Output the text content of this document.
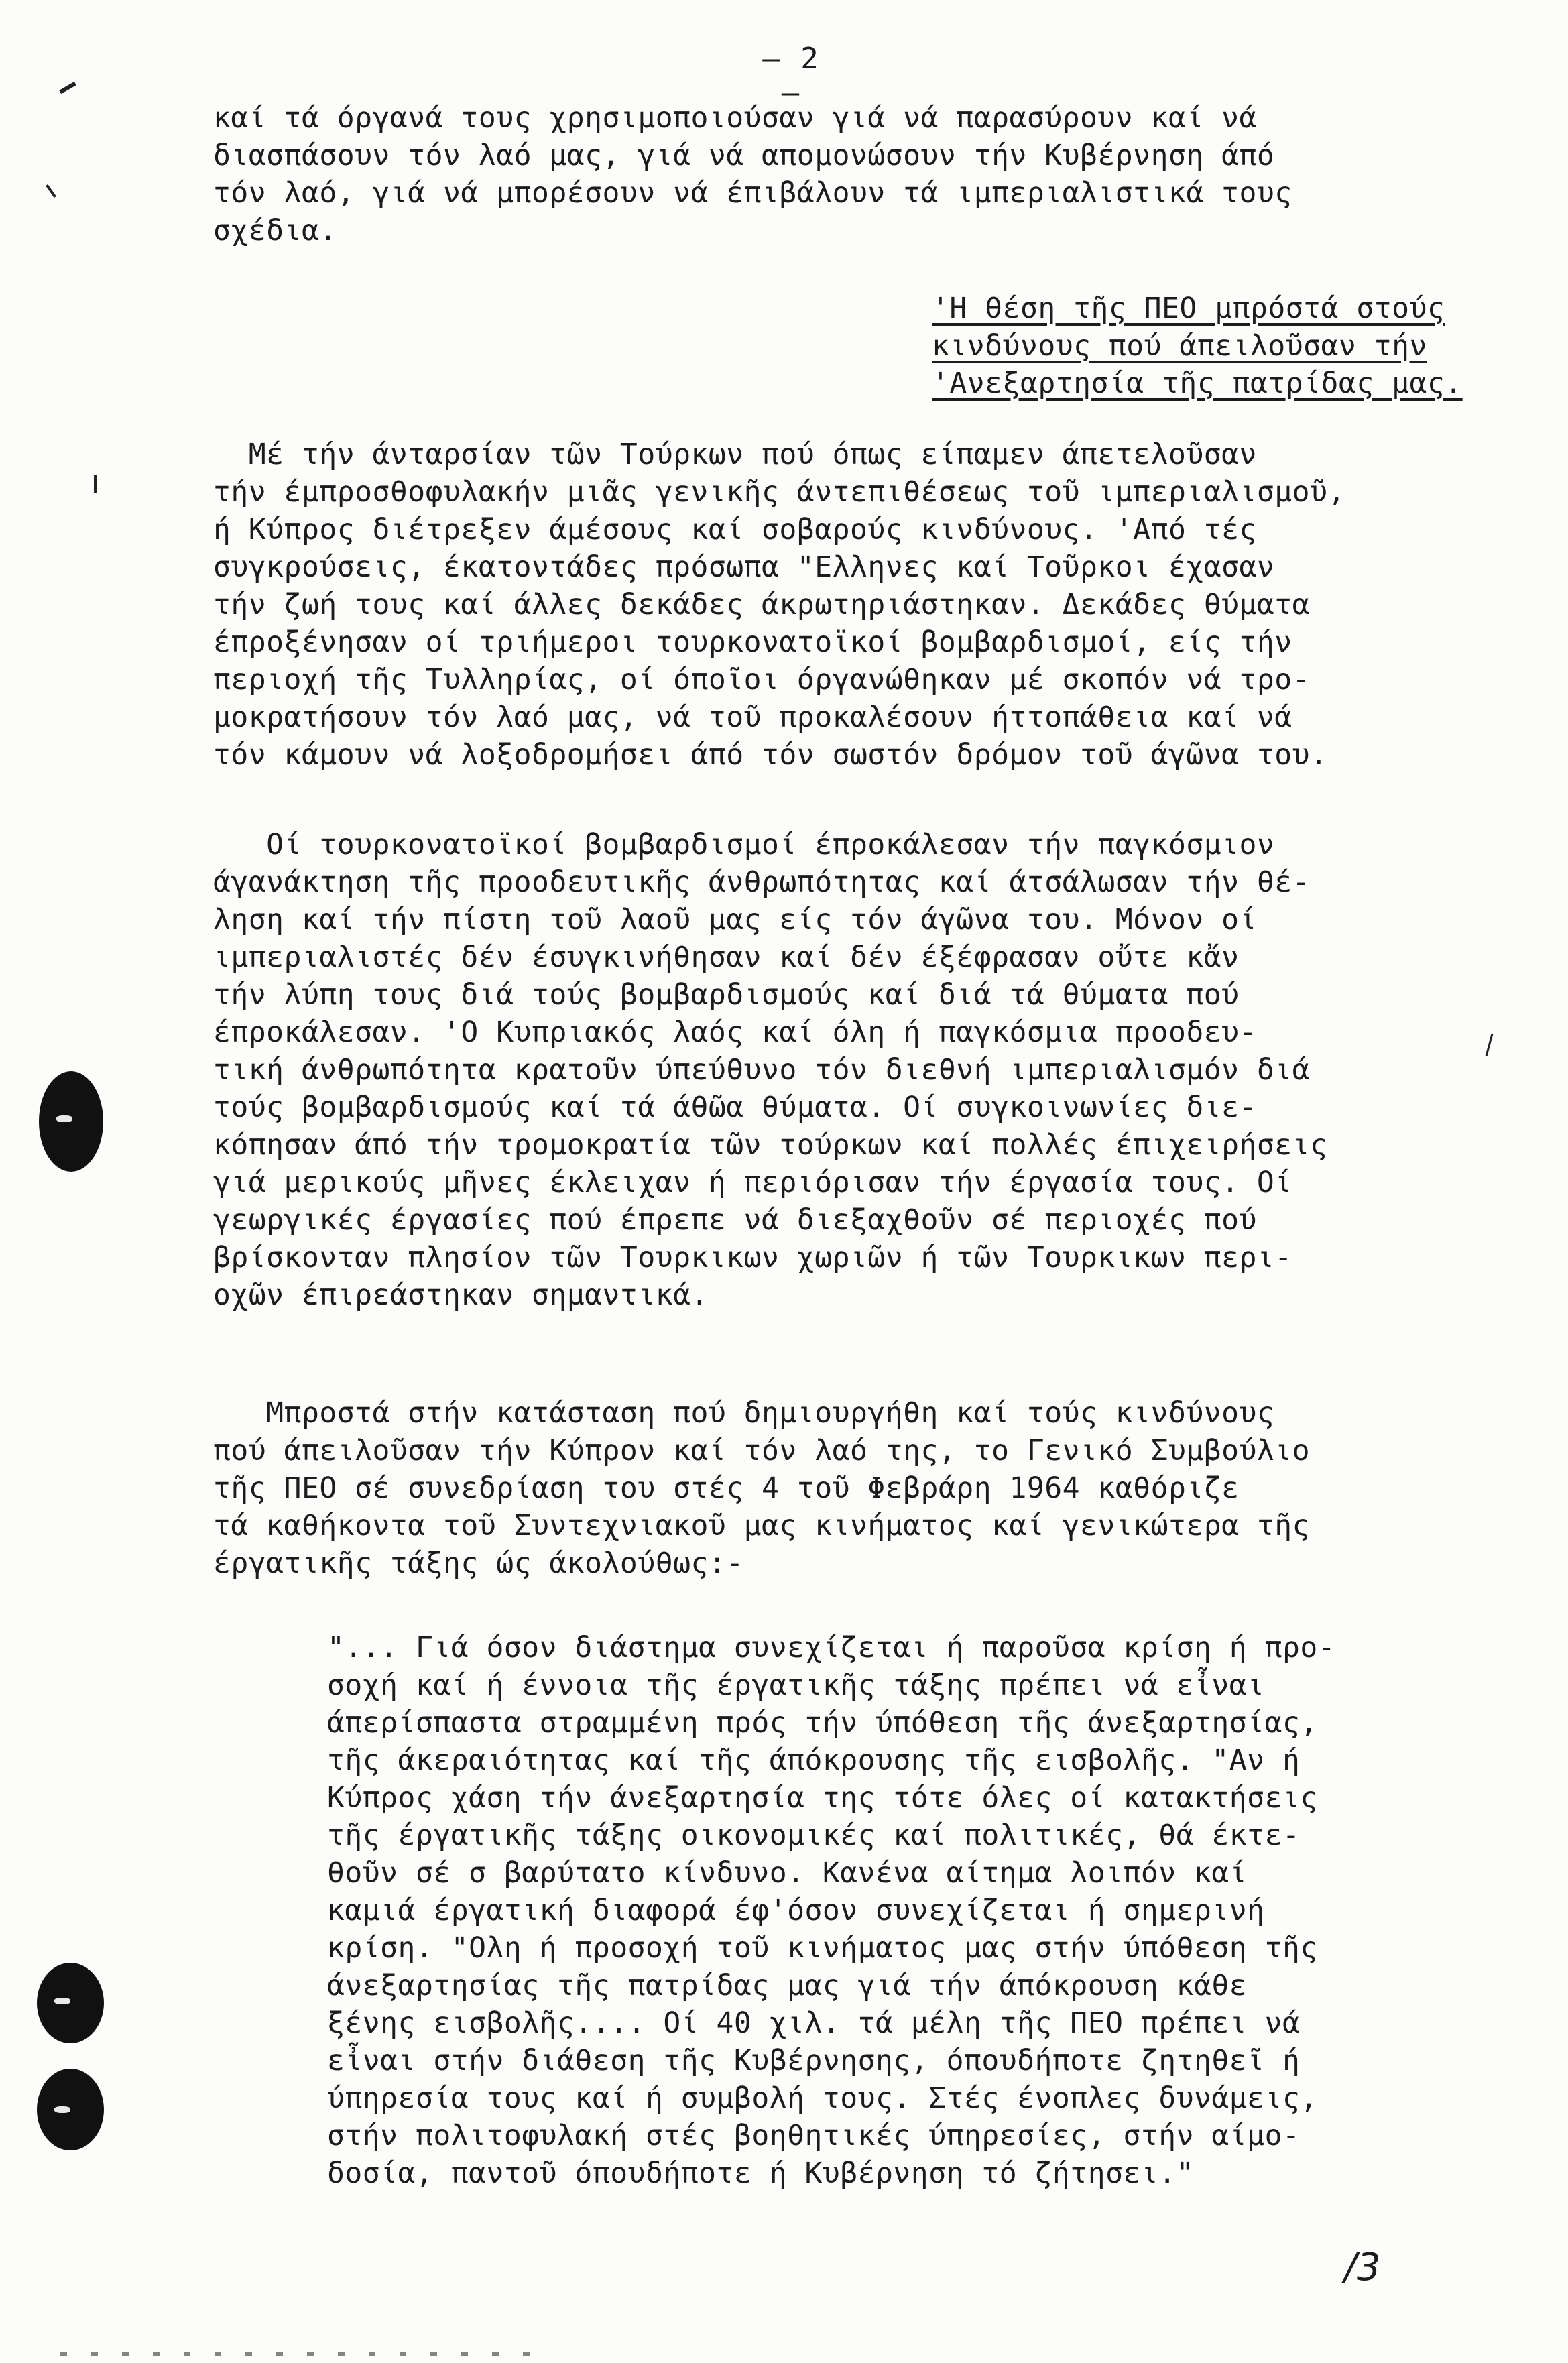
– 2 –
καί τά όργανά τους χρησιμοποιούσαν γιά νά παρασύρουν καί νά
διασπάσουν τόν λαό μας, γιά νά απομονώσουν τήν Κυβέρνηση άπό
τόν λαό, γιά νά μπορέσουν νά έπιβάλουν τά ιμπεριαλιστικά τους
σχέδια.
'Η θέση τῆς ΠΕΟ μπρόστά στούς
κινδύνους πού άπειλοῦσαν τήν
'Ανεξαρτησία τῆς πατρίδας μας.
Μέ τήν άνταρσίαν τῶν Τούρκων πού όπως είπαμεν άπετελοῦσαν
τήν έμπροσθοφυλακήν μιᾶς γενικῆς άντεπιθέσεως τοῦ ιμπεριαλισμοῦ,
ή Κύπρος διέτρεξεν άμέσους καί σοβαρούς κινδύνους. 'Από τές
συγκρούσεις, έκατοντάδες πρόσωπα "Ελληνες καί Τοῦρκοι έχασαν
τήν ζωή τους καί άλλες δεκάδες άκρωτηριάστηκαν. Δεκάδες θύματα
έπροξένησαν οί τριήμεροι τουρκονατοϊκοί βομβαρδισμοί, είς τήν
περιοχή τῆς Τυλληρίας, οί όποῖοι όργανώθηκαν μέ σκοπόν νά τρο-
μοκρατήσουν τόν λαό μας, νά τοῦ προκαλέσουν ήττοπάθεια καί νά
τόν κάμουν νά λοξοδρομήσει άπό τόν σωστόν δρόμον τοῦ άγῶνα του.
Οί τουρκονατοϊκοί βομβαρδισμοί έπροκάλεσαν τήν παγκόσμιον
άγανάκτηση τῆς προοδευτικῆς άνθρωπότητας καί άτσάλωσαν τήν θέ-
ληση καί τήν πίστη τοῦ λαοῦ μας είς τόν άγῶνα του. Μόνον οί
ιμπεριαλιστές δέν έσυγκινήθησαν καί δέν έξέφρασαν οὔτε κἄν
τήν λύπη τους διά τούς βομβαρδισμούς καί διά τά θύματα πού
έπροκάλεσαν. 'Ο Κυπριακός λαός καί όλη ή παγκόσμια προοδευ-
τική άνθρωπότητα κρατοῦν ύπεύθυνο τόν διεθνή ιμπεριαλισμόν διά
τούς βομβαρδισμούς καί τά άθῶα θύματα. Οί συγκοινωνίες διε-
κόπησαν άπό τήν τρομοκρατία τῶν τούρκων καί πολλές έπιχειρήσεις
γιά μερικούς μῆνες έκλειχαν ή περιόρισαν τήν έργασία τους. Οί
γεωργικές έργασίες πού έπρεπε νά διεξαχθοῦν σέ περιοχές πού
βρίσκονταν πλησίον τῶν Τουρκικων χωριῶν ή τῶν Τουρκικων περι-
οχῶν έπιρεάστηκαν σημαντικά.
Μπροστά στήν κατάσταση πού δημιουργήθη καί τούς κινδύνους
πού άπειλοῦσαν τήν Κύπρον καί τόν λαό της, το Γενικό Συμβούλιο
τῆς ΠΕΟ σέ συνεδρίαση του στές 4 τοῦ Φεβράρη 1964 καθόριζε
τά καθήκοντα τοῦ Συντεχνιακοῦ μας κινήματος καί γενικώτερα τῆς
έργατικῆς τάξης ώς άκολούθως:-
"... Γιά όσον διάστημα συνεχίζεται ή παροῦσα κρίση ή προ-
σοχή καί ή έννοια τῆς έργατικῆς τάξης πρέπει νά εἶναι
άπερίσπαστα στραμμένη πρός τήν ύπόθεση τῆς άνεξαρτησίας,
τῆς άκεραιότητας καί τῆς άπόκρουσης τῆς εισβολῆς. "Αν ή
Κύπρος χάση τήν άνεξαρτησία της τότε όλες οί κατακτήσεις
τῆς έργατικῆς τάξης οικονομικές καί πολιτικές, θά έκτε-
θοῦν σέ σ βαρύτατο κίνδυνο. Κανένα αίτημα λοιπόν καί
καμιά έργατική διαφορά έφ'όσον συνεχίζεται ή σημερινή
κρίση. "Ολη ή προσοχή τοῦ κινήματος μας στήν ύπόθεση τῆς
άνεξαρτησίας τῆς πατρίδας μας γιά τήν άπόκρουση κάθε
ξένης εισβολῆς.... Οί 40 χιλ. τά μέλη τῆς ΠΕΟ πρέπει νά
εἶναι στήν διάθεση τῆς Κυβέρνησης, όπουδήποτε ζητηθεῖ ή
ύπηρεσία τους καί ή συμβολή τους. Στές ένοπλες δυνάμεις,
στήν πολιτοφυλακή στές βοηθητικές ύπηρεσίες, στήν αίμο-
δοσία, παντοῦ όπουδήποτε ή Κυβέρνηση τό ζήτησει."
/3
